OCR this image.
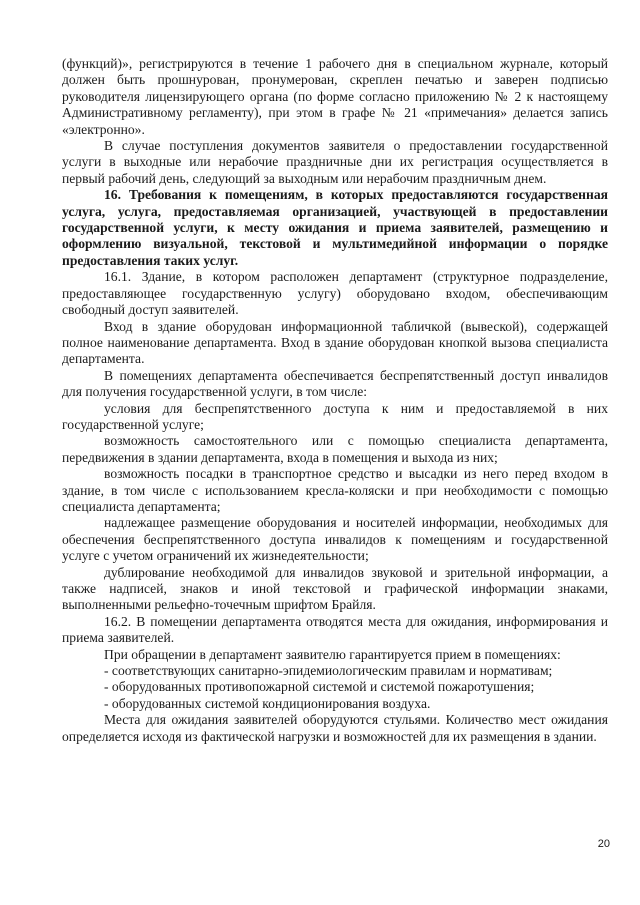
(функций)», регистрируются в течение 1 рабочего дня в специальном журнале, который должен быть прошнурован, пронумерован, скреплен печатью и заверен подписью руководителя лицензирующего органа (по форме согласно приложению № 2 к настоящему Административному регламенту), при этом в графе № 21 «примечания» делается запись «электронно».

В случае поступления документов заявителя о предоставлении государственной услуги в выходные или нерабочие праздничные дни их регистрация осуществляется в первый рабочий день, следующий за выходным или нерабочим праздничным днем.

16. Требования к помещениям, в которых предоставляются государственная услуга, услуга, предоставляемая организацией, участвующей в предоставлении государственной услуги, к месту ожидания и приема заявителей, размещению и оформлению визуальной, текстовой и мультимедийной информации о порядке предоставления таких услуг.

16.1. Здание, в котором расположен департамент (структурное подразделение, предоставляющее государственную услугу) оборудовано входом, обеспечивающим свободный доступ заявителей.

Вход в здание оборудован информационной табличкой (вывеской), содержащей полное наименование департамента. Вход в здание оборудован кнопкой вызова специалиста департамента.

В помещениях департамента обеспечивается беспрепятственный доступ инвалидов для получения государственной услуги, в том числе:

условия для беспрепятственного доступа к ним и предоставляемой в них государственной услуге;

возможность самостоятельного или с помощью специалиста департамента, передвижения в здании департамента, входа в помещения и выхода из них;

возможность посадки в транспортное средство и высадки из него перед входом в здание, в том числе с использованием кресла-коляски и при необходимости с помощью специалиста департамента;

надлежащее размещение оборудования и носителей информации, необходимых для обеспечения беспрепятственного доступа инвалидов к помещениям и государственной услуге с учетом ограничений их жизнедеятельности;

дублирование необходимой для инвалидов звуковой и зрительной информации, а также надписей, знаков и иной текстовой и графической информации знаками, выполненными рельефно-точечным шрифтом Брайля.

16.2. В помещении департамента отводятся места для ожидания, информирования и приема заявителей.

При обращении в департамент заявителю гарантируется прием в помещениях:

- соответствующих санитарно-эпидемиологическим правилам и нормативам;

- оборудованных противопожарной системой и системой пожаротушения;

- оборудованных системой кондиционирования воздуха.

Места для ожидания заявителей оборудуются стульями. Количество мест ожидания определяется исходя из фактической нагрузки и возможностей для их размещения в здании.

20
